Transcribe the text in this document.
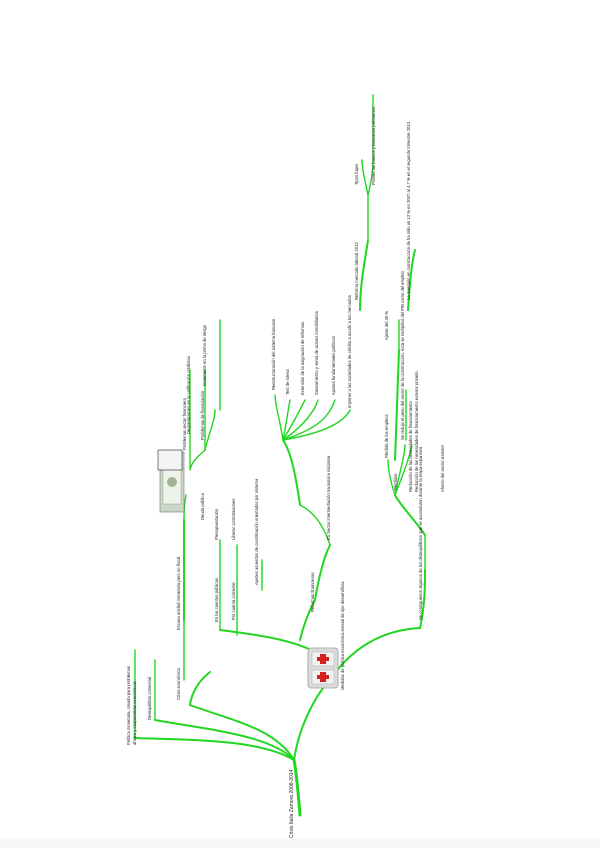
Crisis Italia Zamora 2008-2014
Política monetaria, creada para problemas ahorro y cooperativas económicas Desequilibrio comercial	Crisis económica
Escasa unidad monetaria pero no fiscal
Deuda pública
Problemas sector financiero Degradaciones en la calificación crediticia Problemas de financiación
Incremento en la prima de riesgo
Medidas de política económica estatal de tipo desarrollista
En las cuentas públicas
Presupuestación
Por cuenta corriente
Liberar contrataciones	Ajustes acuerdos de coordinación orientados por sistema
Reformas financieras
En Sector intermediación nacional e iniciativa
Reestructuración del sistema bancario Test de stress Extensión de la asignación de reformas Saneamiento y venta de activos inmobiliarios	Ajustes fundamentales políticos	Imponer a las sociedades de crédito a acudir a los mercados
Se consiguieron algunos de los desequilibrios que se acumularon durante la etapa expansiva
Pérdidas
Pérdida de los empleos
Ajuste del 35 %	Se redujo el peso del sector de la construcción, ésta se multiplicó del PIB como del empleo
La inversión en construcción de ha sido un 12 % en 2007 al 4,7 % en el segundo trimestre 2013
Reducción de las necesidades de financiamiento Reducción de las necesidades de financiamiento exterior privado	Ahorro del sector exterior
Reforma mercado laboral 2012
Tipos bajos	Problemas bancos y bancarios préstamos
